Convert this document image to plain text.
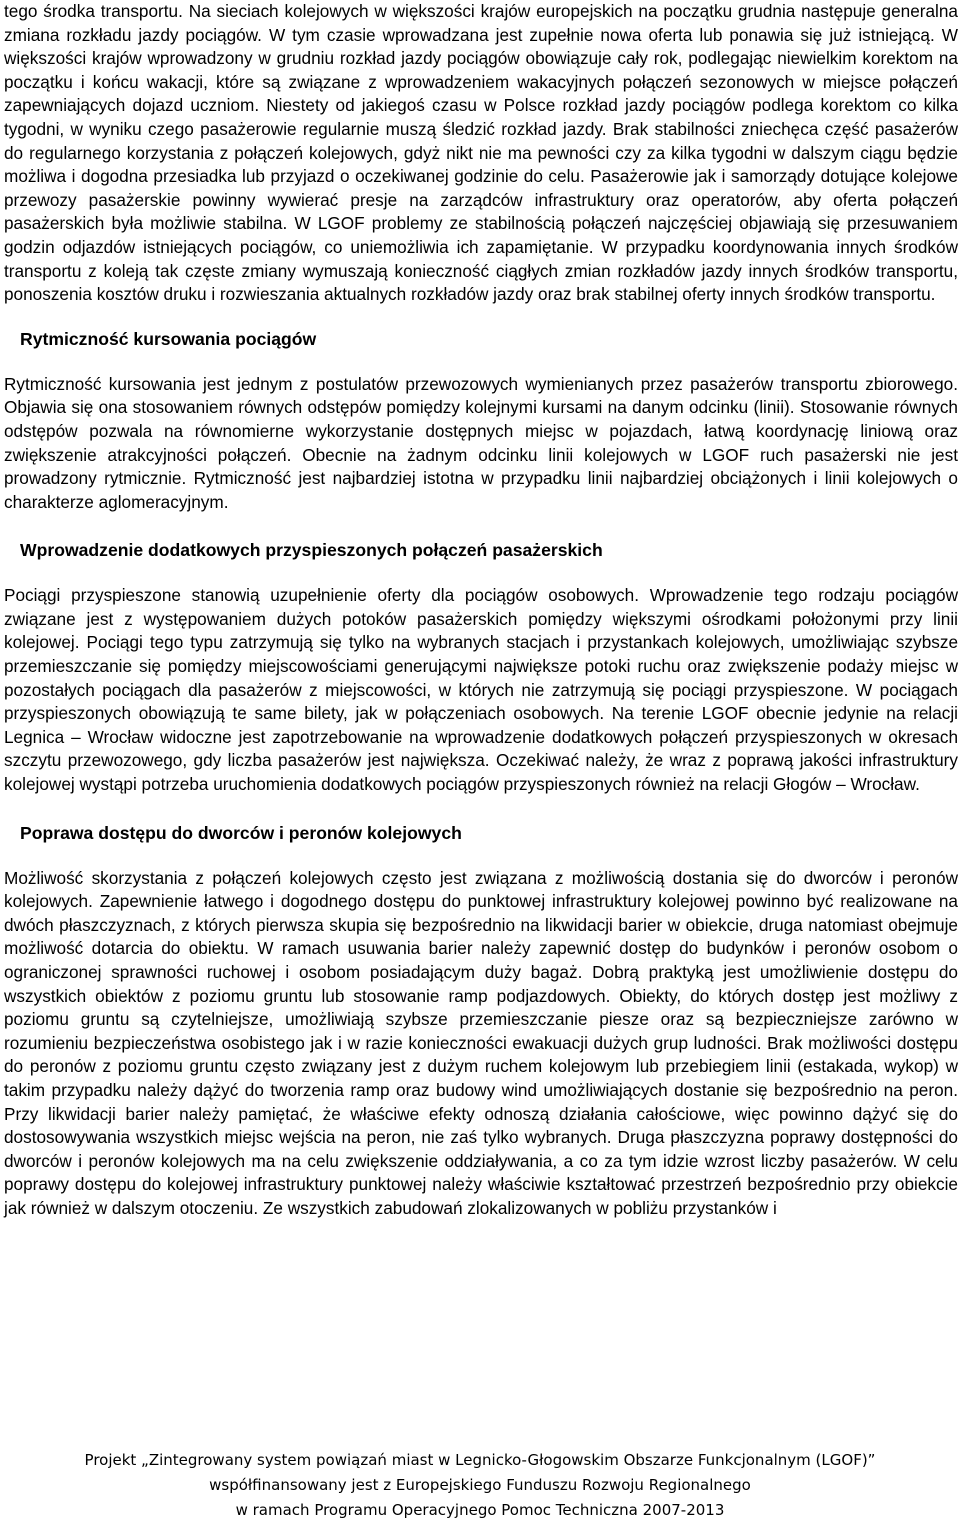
tego środka transportu. Na sieciach kolejowych w większości krajów europejskich na początku grudnia następuje generalna zmiana rozkładu jazdy pociągów. W tym czasie wprowadzana jest zupełnie nowa oferta lub ponawia się już istniejącą. W większości krajów wprowadzony w grudniu rozkład jazdy pociągów obowiązuje cały rok, podlegając niewielkim korektom na początku i końcu wakacji, które są związane z wprowadzeniem wakacyjnych połączeń sezonowych w miejsce połączeń zapewniających dojazd uczniom. Niestety od jakiegoś czasu w Polsce rozkład jazdy pociągów podlega korektom co kilka tygodni, w wyniku czego pasażerowie regularnie muszą śledzić rozkład jazdy. Brak stabilności zniechęca część pasażerów do regularnego korzystania z połączeń kolejowych, gdyż nikt nie ma pewności czy za kilka tygodni w dalszym ciągu będzie możliwa i dogodna przesiadka lub przyjazd o oczekiwanej godzinie do celu. Pasażerowie jak i samorządy dotujące kolejowe przewozy pasażerskie powinny wywierać presje na zarządców infrastruktury oraz operatorów, aby oferta połączeń pasażerskich była możliwie stabilna. W LGOF problemy ze stabilnością połączeń najczęściej objawiają się przesuwaniem godzin odjazdów istniejących pociągów, co uniemożliwia ich zapamiętanie. W przypadku koordynowania innych środków transportu z koleją tak częste zmiany wymuszają konieczność ciągłych zmian rozkładów jazdy innych środków transportu, ponoszenia kosztów druku i rozwieszania aktualnych rozkładów jazdy oraz brak stabilnej oferty innych środków transportu.

Rytmiczność kursowania pociągów

Rytmiczność kursowania jest jednym z postulatów przewozowych wymienianych przez pasażerów transportu zbiorowego. Objawia się ona stosowaniem równych odstępów pomiędzy kolejnymi kursami na danym odcinku (linii). Stosowanie równych odstępów pozwala na równomierne wykorzystanie dostępnych miejsc w pojazdach, łatwą koordynację liniową oraz zwiększenie atrakcyjności połączeń. Obecnie na żadnym odcinku linii kolejowych w LGOF ruch pasażerski nie jest prowadzony rytmicznie. Rytmiczność jest najbardziej istotna w przypadku linii najbardziej obciążonych i linii kolejowych o charakterze aglomeracyjnym.

Wprowadzenie dodatkowych przyspieszonych połączeń pasażerskich

Pociągi przyspieszone stanowią uzupełnienie oferty dla pociągów osobowych. Wprowadzenie tego rodzaju pociągów związane jest z występowaniem dużych potoków pasażerskich pomiędzy większymi ośrodkami położonymi przy linii kolejowej. Pociągi tego typu zatrzymują się tylko na wybranych stacjach i przystankach kolejowych, umożliwiając szybsze przemieszczanie się pomiędzy miejscowościami generującymi największe potoki ruchu oraz zwiększenie podaży miejsc w pozostałych pociągach dla pasażerów z miejscowości, w których nie zatrzymują się pociągi przyspieszone. W pociągach przyspieszonych obowiązują te same bilety, jak w połączeniach osobowych. Na terenie LGOF obecnie jedynie na relacji Legnica – Wrocław widoczne jest zapotrzebowanie na wprowadzenie dodatkowych połączeń przyspieszonych w okresach szczytu przewozowego, gdy liczba pasażerów jest największa. Oczekiwać należy, że wraz z poprawą jakości infrastruktury kolejowej wystąpi potrzeba uruchomienia dodatkowych pociągów przyspieszonych również na relacji Głogów – Wrocław.

Poprawa dostępu do dworców i peronów kolejowych

Możliwość skorzystania z połączeń kolejowych często jest związana z możliwością dostania się do dworców i peronów kolejowych. Zapewnienie łatwego i dogodnego dostępu do punktowej infrastruktury kolejowej powinno być realizowane na dwóch płaszczyznach, z których pierwsza skupia się bezpośrednio na likwidacji barier w obiekcie, druga natomiast obejmuje możliwość dotarcia do obiektu. W ramach usuwania barier należy zapewnić dostęp do budynków i peronów osobom o ograniczonej sprawności ruchowej i osobom posiadającym duży bagaż. Dobrą praktyką jest umożliwienie dostępu do wszystkich obiektów z poziomu gruntu lub stosowanie ramp podjazdowych. Obiekty, do których dostęp jest możliwy z poziomu gruntu są czytelniejsze, umożliwiają szybsze przemieszczanie piesze oraz są bezpieczniejsze zarówno w rozumieniu bezpieczeństwa osobistego jak i w razie konieczności ewakuacji dużych grup ludności. Brak możliwości dostępu do peronów z poziomu gruntu często związany jest z dużym ruchem kolejowym lub przebiegiem linii (estakada, wykop) w takim przypadku należy dążyć do tworzenia ramp oraz budowy wind umożliwiających dostanie się bezpośrednio na peron. Przy likwidacji barier należy pamiętać, że właściwe efekty odnoszą działania całościowe, więc powinno dążyć się do dostosowywania wszystkich miejsc wejścia na peron, nie zaś tylko wybranych. Druga płaszczyzna poprawy dostępności do dworców i peronów kolejowych ma na celu zwiększenie oddziaływania, a co za tym idzie wzrost liczby pasażerów. W celu poprawy dostępu do kolejowej infrastruktury punktowej należy właściwie kształtować przestrzeń bezpośrednio przy obiekcie jak również w dalszym otoczeniu. Ze wszystkich zabudowań zlokalizowanych w pobliżu przystanków i

Projekt „Zintegrowany system powiązań miast w Legnicko-Głogowskim Obszarze Funkcjonalnym (LGOF)”
współfinansowany jest z Europejskiego Funduszu Rozwoju Regionalnego
w ramach Programu Operacyjnego Pomoc Techniczna 2007-2013
